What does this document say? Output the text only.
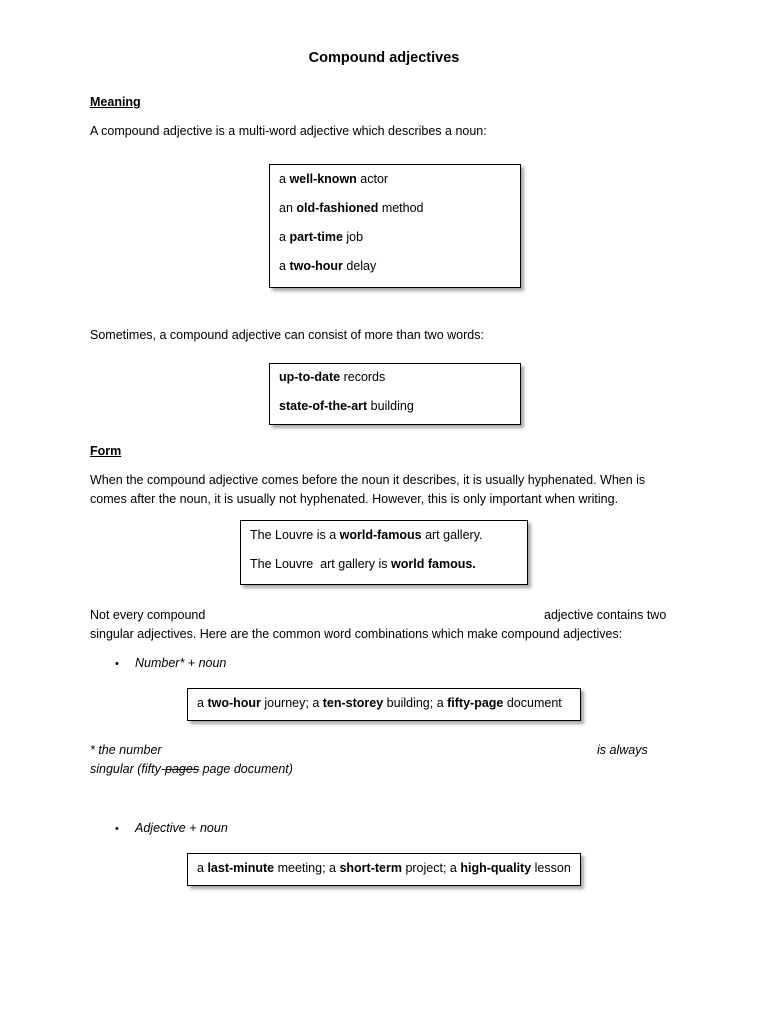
Compound adjectives
Meaning
A compound adjective is a multi-word adjective which describes a noun:
a well-known actor
an old-fashioned method
a part-time job
a two-hour delay
Sometimes, a compound adjective can consist of more than two words:
up-to-date records
state-of-the-art building
Form
When the compound adjective comes before the noun it describes, it is usually hyphenated. When is
comes after the noun, it is usually not hyphenated. However, this is only important when writing.
The Louvre is a world-famous art gallery.
The Louvre  art gallery is world famous.
Not every compound	adjective contains two
singular adjectives. Here are the common word combinations which make compound adjectives:
• Number* + noun
a two-hour journey; a ten-storey building; a fifty-page document
* the number	is always
singular (fifty-pages page document)
• Adjective + noun
a last-minute meeting; a short-term project; a high-quality lesson
